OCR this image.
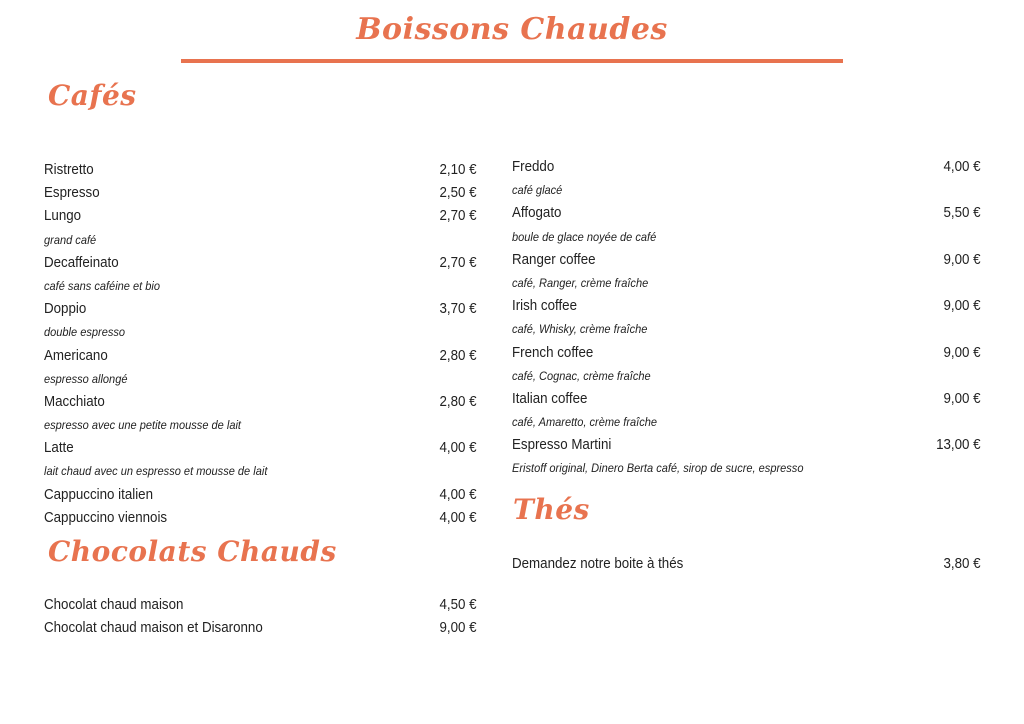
Boissons Chaudes
Cafés
Chocolats Chauds
Thés
Ristretto	2,10 €
Espresso	2,50 €
Lungo	2,70 €
grand café
Decaffeinato	2,70 €
café sans caféine et bio
Doppio	3,70 €
double espresso
Americano	2,80 €
espresso allongé
Macchiato	2,80 €
espresso avec une petite mousse de lait
Latte	4,00 €
lait chaud avec un espresso et mousse de lait
Cappuccino italien	4,00 €
Cappuccino viennois	4,00 €
Freddo	4,00 €
café glacé
Affogato	5,50 €
boule de glace noyée de café
Ranger coffee	9,00 €
café, Ranger, crème fraîche
Irish coffee	9,00 €
café, Whisky, crème fraîche
French coffee	9,00 €
café, Cognac, crème fraîche
Italian coffee	9,00 €
café, Amaretto, crème fraîche
Espresso Martini	13,00 €
Eristoff original, Dinero Berta café, sirop de sucre, espresso
Chocolat chaud maison	4,50 €
Chocolat chaud maison et Disaronno	9,00 €
Demandez notre boite à thés	3,80 €
